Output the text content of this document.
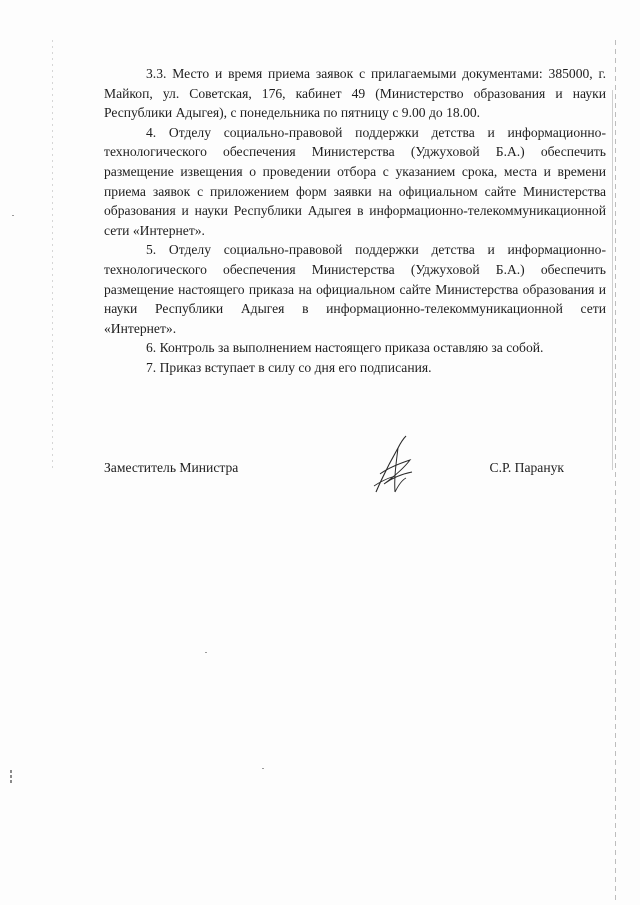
3.3. Место и время приема заявок с прилагаемыми документами: 385000, г. Майкоп, ул. Советская, 176, кабинет 49 (Министерство образования и науки Республики Адыгея), с понедельника по пятницу с 9.00 до 18.00.

4. Отделу социально-правовой поддержки детства и информационно-технологического обеспечения Министерства (Уджуховой Б.А.) обеспечить размещение извещения о проведении отбора с указанием срока, места и времени приема заявок с приложением форм заявки на официальном сайте Министерства образования и науки Республики Адыгея в информационно-телекоммуникационной сети «Интернет».

5. Отделу социально-правовой поддержки детства и информационно-технологического обеспечения Министерства (Уджуховой Б.А.) обеспечить размещение настоящего приказа на официальном сайте Министерства образования и науки Республики Адыгея в информационно-телекоммуникационной сети «Интернет».

6. Контроль за выполнением настоящего приказа оставляю за собой.

7. Приказ вступает в силу со дня его подписания.

Заместитель Министра	С.Р. Паранук
